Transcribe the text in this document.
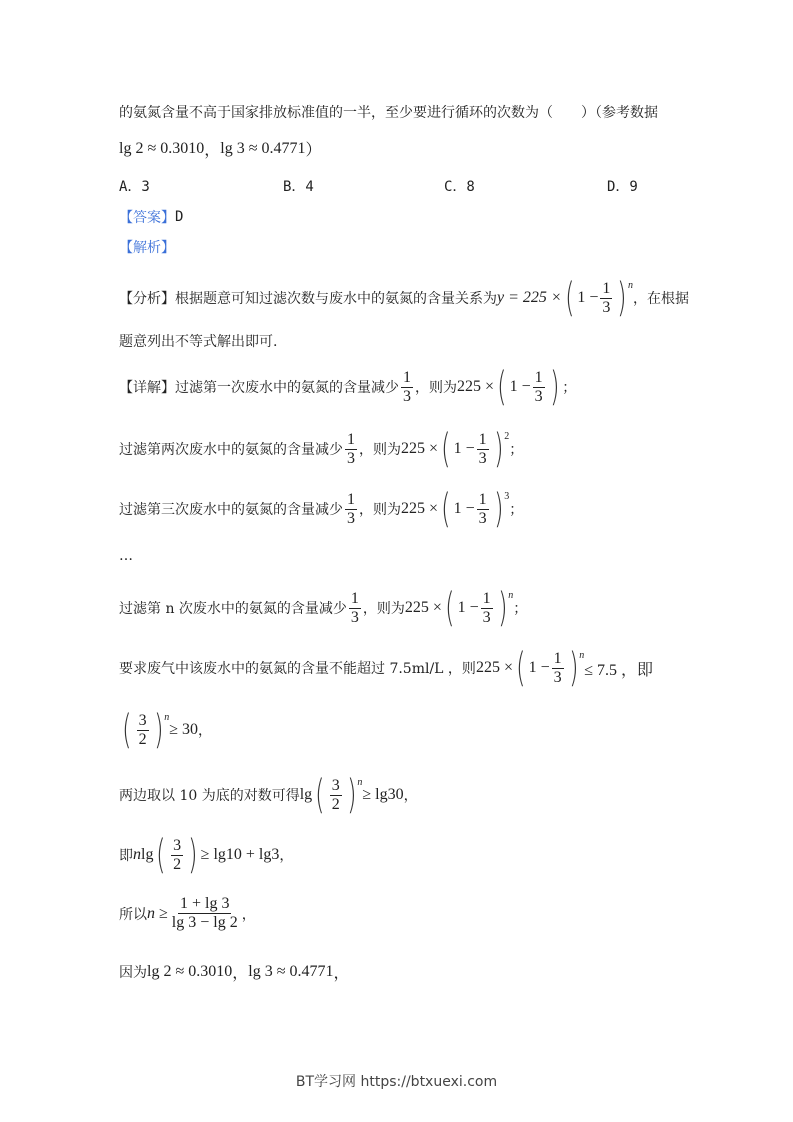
的氨氮含量不高于国家排放标准值的一半，至少要进行循环的次数为（　　）（参考数据
lg 2 ≈ 0.3010 ， lg 3 ≈ 0.4771 ）
A．3	B．4	C．8	D．9
【答案】 D
【解析】
【分析】 根据题意可知过滤次数与废水中的氨氮的含量关系为 y = 225 × ( $1 - \frac{1}{3}$ ) n
，在根据
题意列出不等式解出即可.
【详解】 过滤第一次废水中的氨氮的含量减少 $\frac{1}{3}$ ，则为 225 × ( $1 - \frac{1}{3}$ ) ；
过滤第两次废水中的氨氮的含量减少 $\frac{1}{3}$ ，则为 225 × ( $1 - \frac{1}{3}$ ) 2
；
过滤第三次废水中的氨氮的含量减少 $\frac{1}{3}$ ，则为 225 × ( $1 - \frac{1}{3}$ ) 3
；
…
过滤第 n 次废水中的氨氮的含量减少 $\frac{1}{3}$ ，则为 225 × ( $1 - \frac{1}{3}$ ) n
；
要求废气中该废水中的氨氮的含量不能超过 7.5ml/L ，则 225 × ( $1 - \frac{1}{3}$ ) n
≤ 7.5 ，即
( $\frac{3}{2}$ ) n
≥ 30 ，
两边取以 10 为底的对数可得 lg ( $\frac{3}{2}$ ) n
≥ lg30 ，
即 n lg ( $\frac{3}{2}$ ) ≥ lg10 + lg3 ，
所以 $n \ge \frac{1 + \lg 3}{\lg 3 - \lg 2}$ ，
因为 lg 2 ≈ 0.3010 ， lg 3 ≈ 0.4771 ，
BT学习网 https://btxuexi.com
